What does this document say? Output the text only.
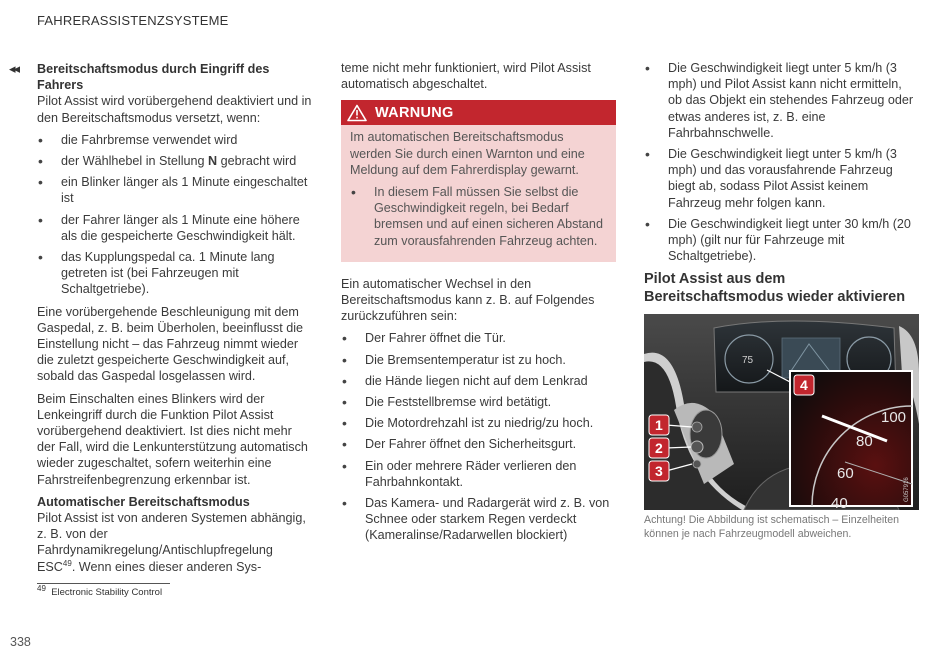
FAHRERASSISTENZSYSTEME
◂◂ Bereitschaftsmodus durch Eingriff des
Fahrers

Pilot Assist wird vorübergehend deaktiviert und in den Bereitschaftsmodus versetzt, wenn:

• die Fahrbremse verwendet wird
• der Wählhebel in Stellung N gebracht wird
• ein Blinker länger als 1 Minute eingeschaltet ist
• der Fahrer länger als 1 Minute eine höhere als die gespeicherte Geschwindigkeit hält.
• das Kupplungspedal ca. 1 Minute lang getreten ist (bei Fahrzeugen mit Schaltgetriebe).

Eine vorübergehende Beschleunigung mit dem Gaspedal, z. B. beim Überholen, beeinflusst die Einstellung nicht – das Fahrzeug nimmt wieder die zuletzt gespeicherte Geschwindigkeit auf, sobald das Gaspedal losgelassen wird.

Beim Einschalten eines Blinkers wird der Lenkeingriff durch die Funktion Pilot Assist vorübergehend deaktiviert. Ist dies nicht mehr der Fall, wird die Lenkunterstützung automatisch wieder zugeschaltet, sofern weiterhin eine Fahrstreifenbegrenzung erkennbar ist.

Automatischer Bereitschaftsmodus

Pilot Assist ist von anderen Systemen abhängig, z. B. von der Fahrdynamikregelung/Antischlupfregelung ESC$^{49}$. Wenn eines dieser anderen Sys-

teme nicht mehr funktioniert, wird Pilot Assist automatisch abgeschaltet.

WARNUNG

Im automatischen Bereitschaftsmodus werden Sie durch einen Warnton und eine Meldung auf dem Fahrerdisplay gewarnt.

• In diesem Fall müssen Sie selbst die Geschwindigkeit regeln, bei Bedarf bremsen und auf einen sicheren Abstand zum vorausfahrenden Fahrzeug achten.

Ein automatischer Wechsel in den Bereitschaftsmodus kann z. B. auf Folgendes zurückzuführen sein:

• Der Fahrer öffnet die Tür.
• Die Bremsentemperatur ist zu hoch.
• die Hände liegen nicht auf dem Lenkrad
• Die Feststellbremse wird betätigt.
• Die Motordrehzahl ist zu niedrig/zu hoch.
• Der Fahrer öffnet den Sicherheitsgurt.
• Ein oder mehrere Räder verlieren den Fahrbahnkontakt.
• Das Kamera- und Radargerät wird z. B. von Schnee oder starkem Regen verdeckt (Kameralinse/Radarwellen blockiert)
• Die Geschwindigkeit liegt unter 5 km/h (3 mph) und Pilot Assist kann nicht ermitteln, ob das Objekt ein stehendes Fahrzeug oder etwas anderes ist, z. B. eine Fahrbahnschwelle.
• Die Geschwindigkeit liegt unter 5 km/h (3 mph) und das vorausfahrende Fahrzeug biegt ab, sodass Pilot Assist keinem Fahrzeug mehr folgen kann.
• Die Geschwindigkeit liegt unter 30 km/h (20 mph) (gilt nur für Fahrzeuge mit Schaltgetriebe).
Pilot Assist aus dem Bereitschaftsmodus wieder aktivieren
75
100
80
60
40
G057916
1
2
3
4
Achtung! Die Abbildung ist schematisch – Einzelheiten können je nach Fahrzeugmodell abweichen.
$^{49}$ Electronic Stability Control
338
